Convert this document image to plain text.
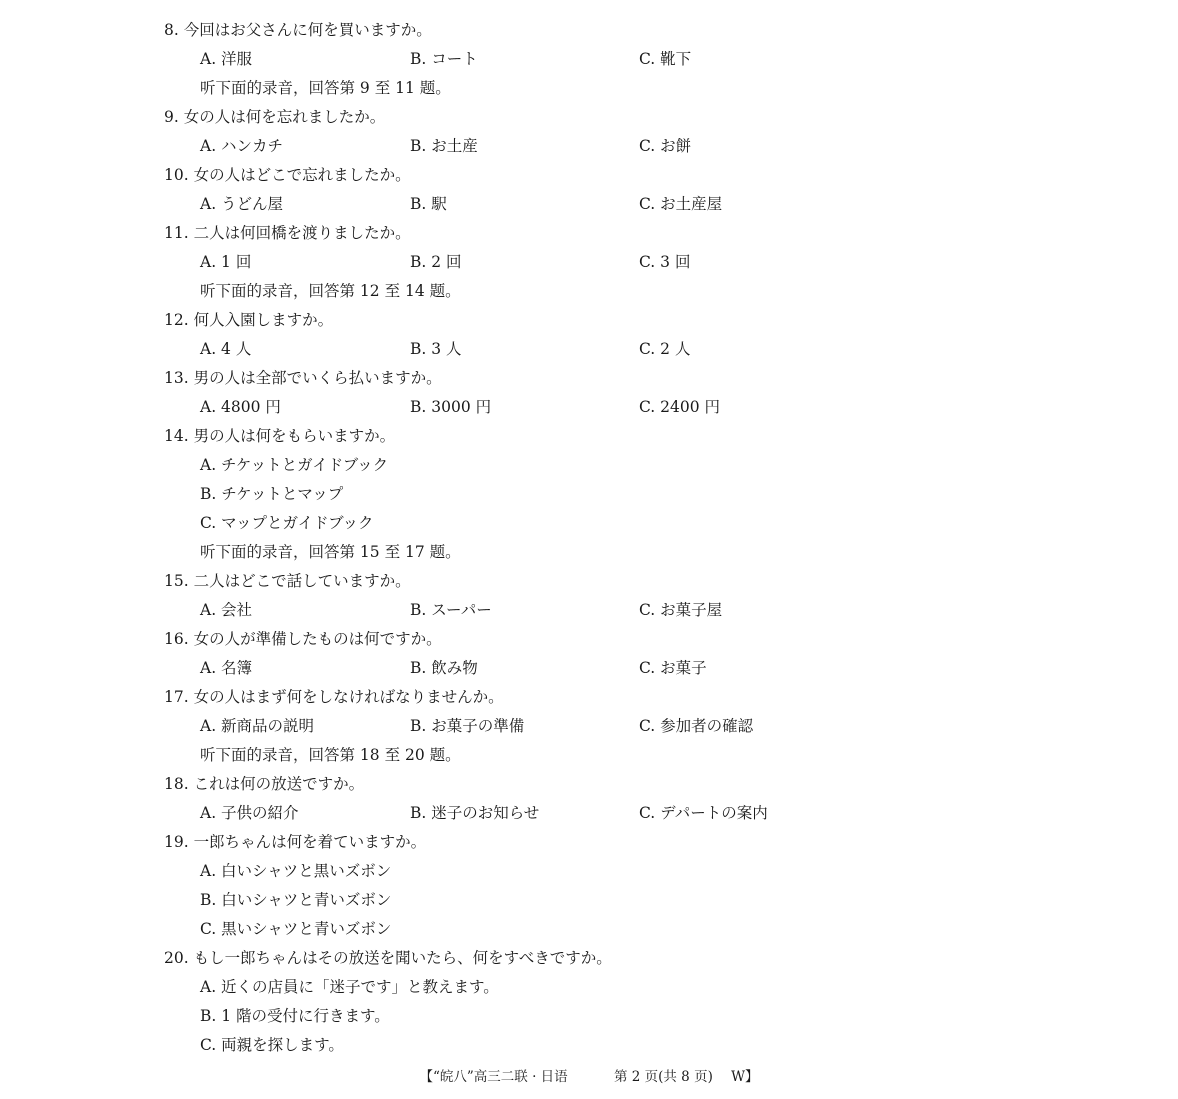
8. 今回はお父さんに何を買いますか。
A. 洋服	B. コート	C. 靴下
听下面的录音，回答第 9 至 11 题。
9. 女の人は何を忘れましたか。
A. ハンカチ	B. お土産	C. お餅
10. 女の人はどこで忘れましたか。
A. うどん屋	B. 駅	C. お土産屋
11. 二人は何回橋を渡りましたか。
A. 1 回	B. 2 回	C. 3 回
听下面的录音，回答第 12 至 14 题。
12. 何人入園しますか。
A. 4 人	B. 3 人	C. 2 人
13. 男の人は全部でいくら払いますか。
A. 4800 円	B. 3000 円	C. 2400 円
14. 男の人は何をもらいますか。
A. チケットとガイドブック
B. チケットとマップ
C. マップとガイドブック
听下面的录音，回答第 15 至 17 题。
15. 二人はどこで話していますか。
A. 会社	B. スーパー	C. お菓子屋
16. 女の人が準備したものは何ですか。
A. 名簿	B. 飲み物	C. お菓子
17. 女の人はまず何をしなければなりませんか。
A. 新商品の説明	B. お菓子の準備	C. 参加者の確認
听下面的录音，回答第 18 至 20 题。
18. これは何の放送ですか。
A. 子供の紹介	B. 迷子のお知らせ	C. デパートの案内
19. 一郎ちゃんは何を着ていますか。
A. 白いシャツと黒いズボン
B. 白いシャツと青いズボン
C. 黒いシャツと青いズボン
20. もし一郎ちゃんはその放送を聞いたら、何をすべきですか。
A. 近くの店員に「迷子です」と教えます。
B. 1 階の受付に行きます。
C. 両親を探します。
【“皖八”高三二联 · 日语	第 2 页(共 8 页) W】
